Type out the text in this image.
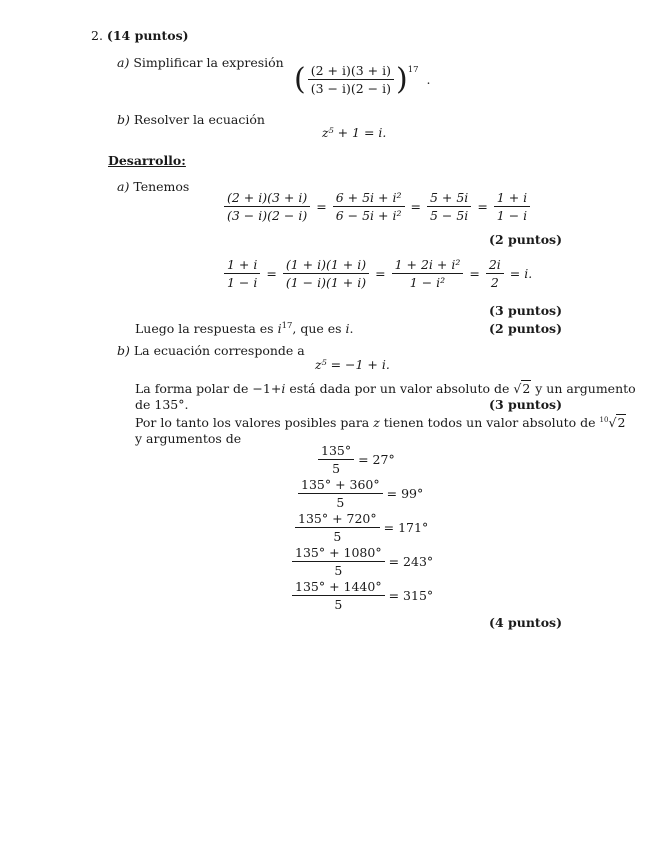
2. (14 puntos)
a) Simplificar la expresión ( $\frac{(2 + i)(3 + i)}{(3 - i)(2 - i)}$ ) 17
.
b) Resolver la ecuación
z⁵ + 1 = i.
Desarrollo:
a) Tenemos
$\frac{(2 + i)(3 + i)}{(3 - i)(2 - i)} = \frac{\text{6 + 5i + i²}}{\text{6 − 5i + i²}} = \frac{5 + 5i}{5 - 5i} = \frac{1 + i}{1 - i}$
(2 puntos)
$\frac{1 + i}{1 - i} = \frac{(1 + i)(1 + i)}{(1 - i)(1 + i)} = \frac{\text{1 + 2i + i²}}{\text{1 − i²}} = \frac{2i}{2} = i$.
(3 puntos)
Luego la respuesta es $i^{17}$, que es i.	(2 puntos)
b) La ecuación corresponde a
z⁵ = −1 + i.
La forma polar de −1+i está dada por un valor absoluto de √2 y un argumento
de 135°.	(3 puntos)
Por lo tanto los valores posibles para z tienen todos un valor absoluto de $^{10}$√2
y argumentos de
$\frac{135^\circ}{5} = 27^\circ$
$\frac{135^\circ + 360^\circ}{5} = 99^\circ$
$\frac{135^\circ + 720^\circ}{5} = 171^\circ$
$\frac{135^\circ + 1080^\circ}{5} = 243^\circ$
$\frac{135^\circ + 1440^\circ}{5} = 315^\circ$
(4 puntos)
